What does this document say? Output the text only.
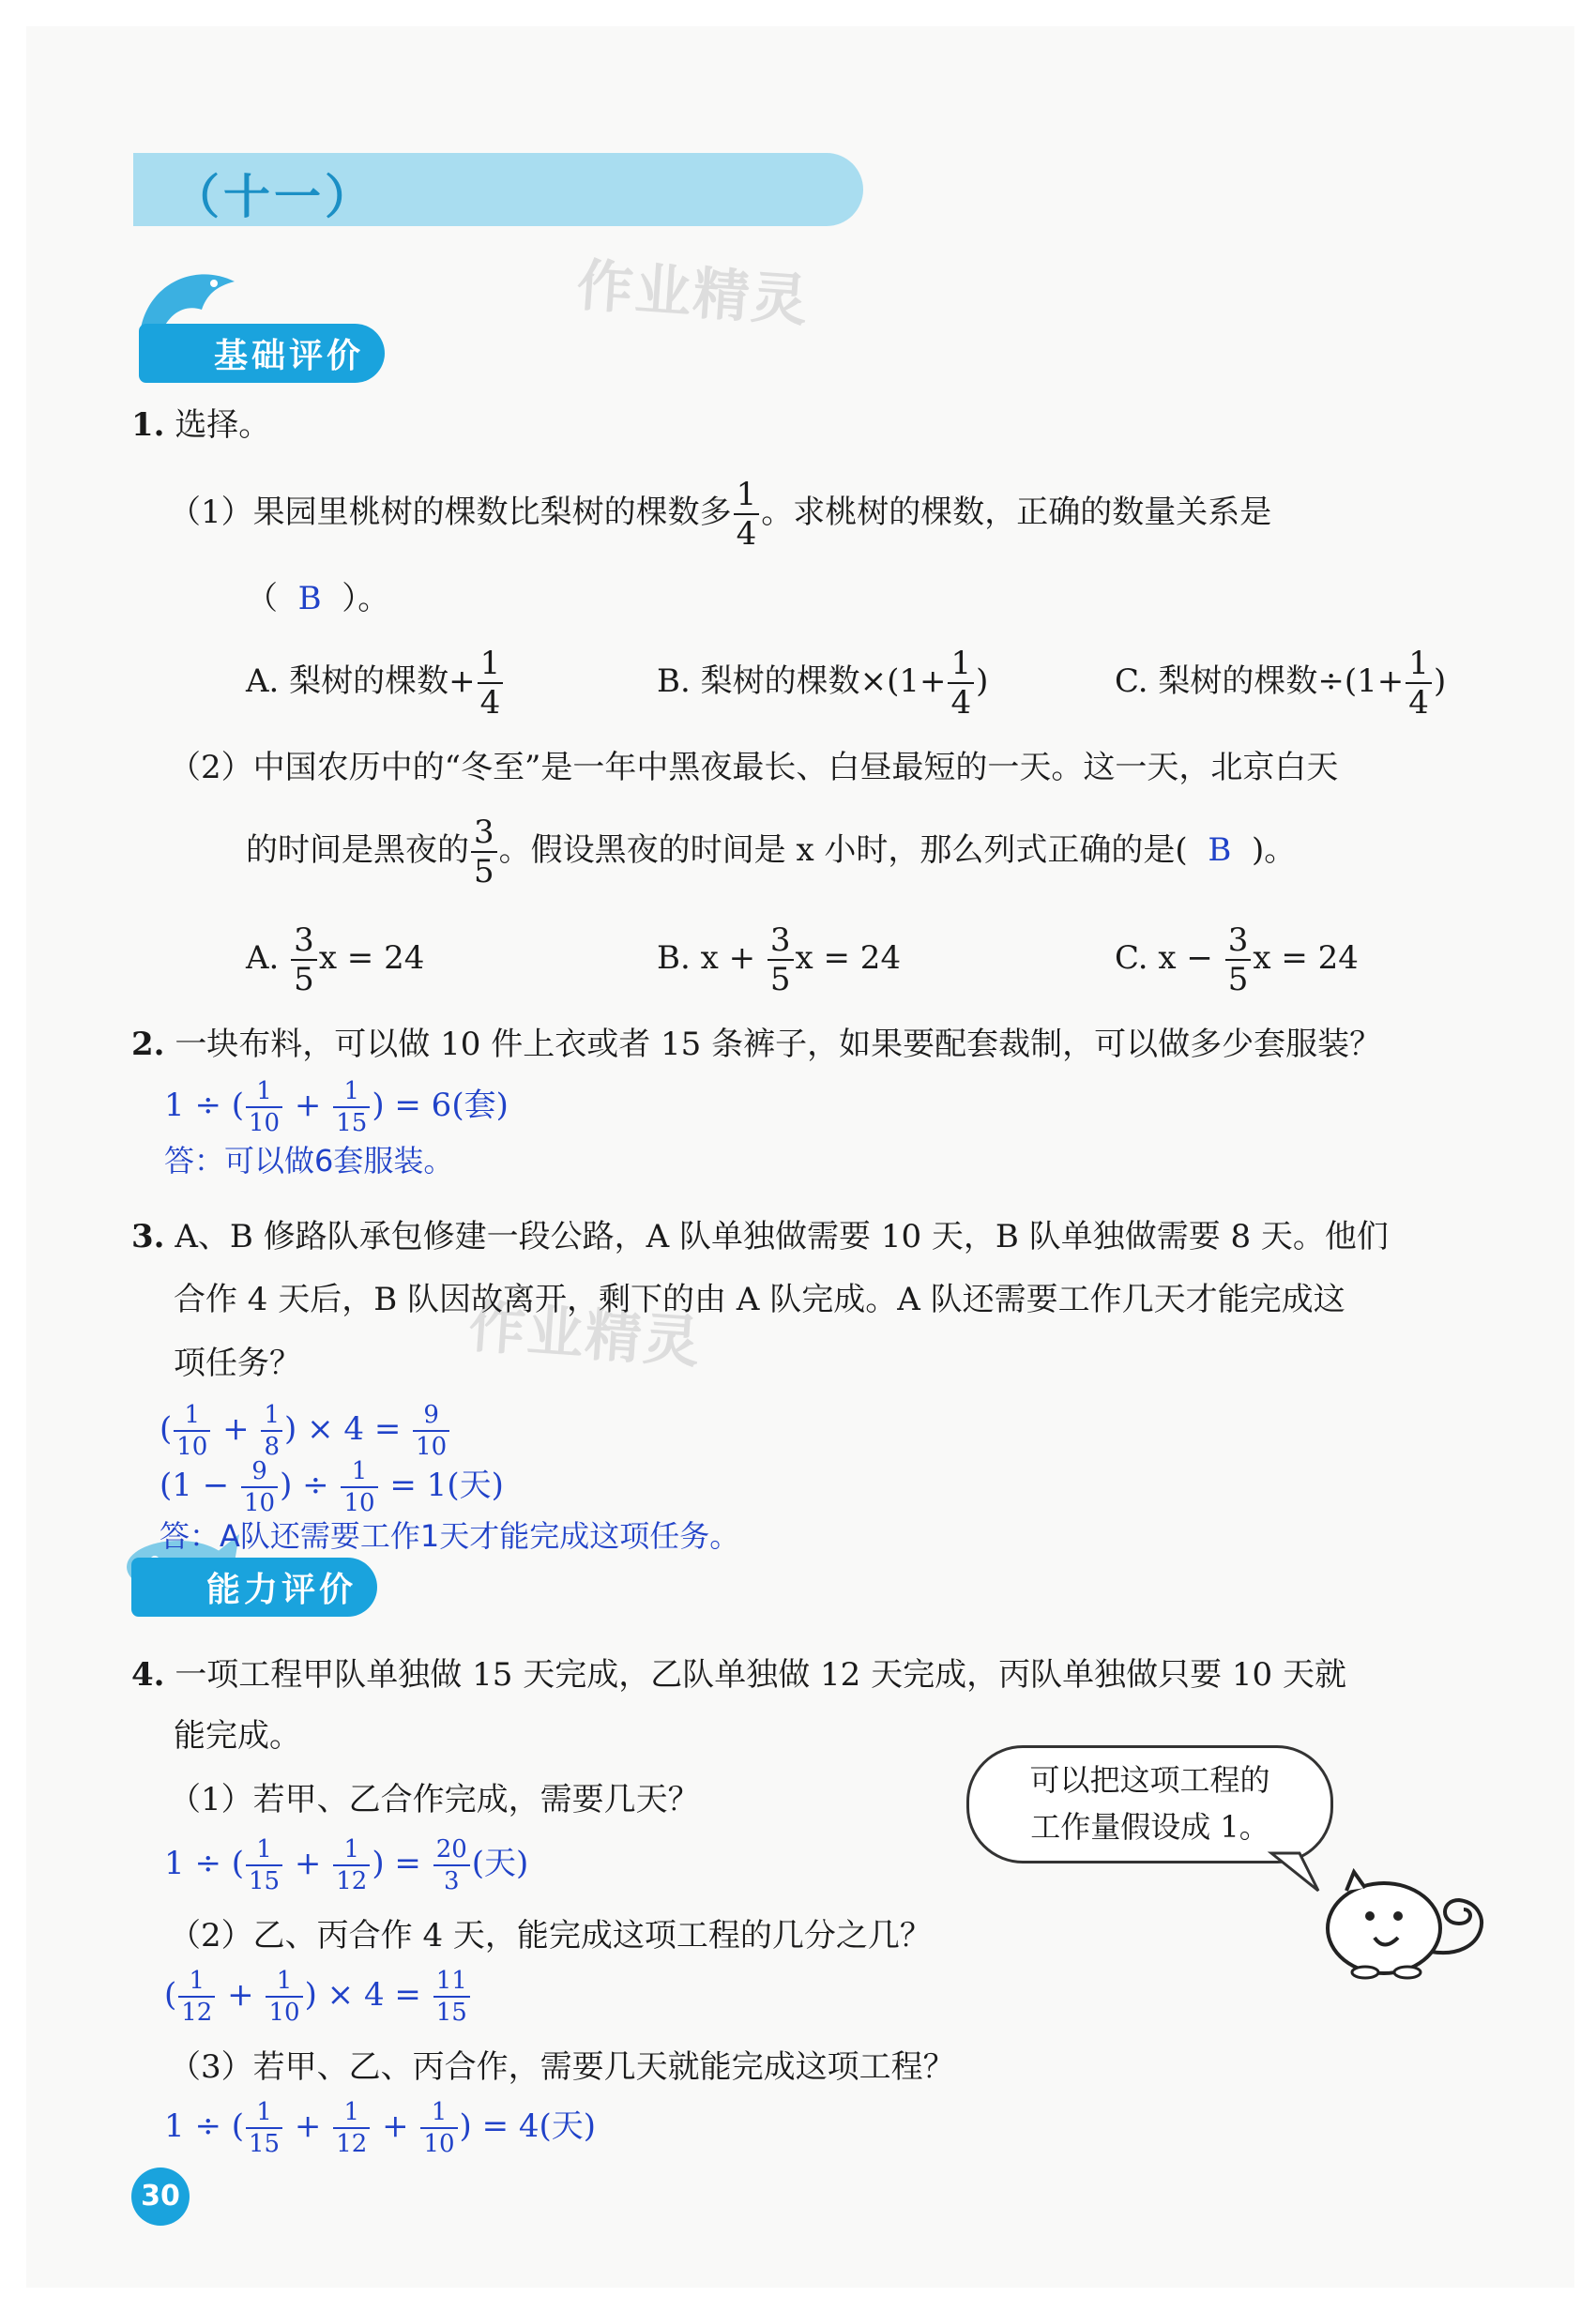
（十一）
作业精灵
作业精灵
基础评价
1. 选择。
（1）果园里桃树的棵数比梨树的棵数多 $\frac{1}{4}$ 。求桃树的棵数，正确的数量关系是
（ B ）。
A. 梨树的棵数+ $\frac{1}{4}$	B. 梨树的棵数$\times(1+ \frac{1}{4}$ )	C. 梨树的棵数$\div(1+ \frac{1}{4}$ )
（2）中国农历中的“冬至”是一年中黑夜最长、白昼最短的一天。这一天，北京白天
的时间是黑夜的 $\frac{3}{5}$ 。假设黑夜的时间是 x 小时，那么列式正确的是( B )。
A. $\frac{3}{5}$ x = 24	B. $x + \frac{3}{5}$ x = 24	C. $x - \frac{3}{5}$ x = 24
2. 一块布料，可以做 10 件上衣或者 15 条裤子，如果要配套裁制，可以做多少套服装？
1 ÷ ( $\frac{1}{10} + \frac{1}{15}$ ) = 6(套)
答：可以做6套服装。
3. A、B 修路队承包修建一段公路，A 队单独做需要 10 天，B 队单独做需要 8 天。他们
合作 4 天后，B 队因故离开，剩下的由 A 队完成。A 队还需要工作几天才能完成这
项任务？
( $\frac{1}{10} + \frac{1}{8}$ ) × $4 = \frac{9}{10}$
($1 - \frac{9}{10}$ ) ÷ $\frac{1}{10} = 1$(天)
能力评价
答：A队还需要工作1天才能完成这项任务。
4. 一项工程甲队单独做 15 天完成，乙队单独做 12 天完成，丙队单独做只要 10 天就
能完成。
（1）若甲、乙合作完成，需要几天？
1 ÷ ( $\frac{1}{15} + \frac{1}{12}$ ) = $\frac{20}{3}$ (天)
（2）乙、丙合作 4 天，能完成这项工程的几分之几？
( $\frac{1}{12} + \frac{1}{10}$ ) × $4 = \frac{11}{15}$
（3）若甲、乙、丙合作，需要几天就能完成这项工程？
1 ÷ ( $\frac{1}{15} + \frac{1}{12} + \frac{1}{10}$ ) = 4(天)
可以把这项工程的
工作量假设成 1。
30
